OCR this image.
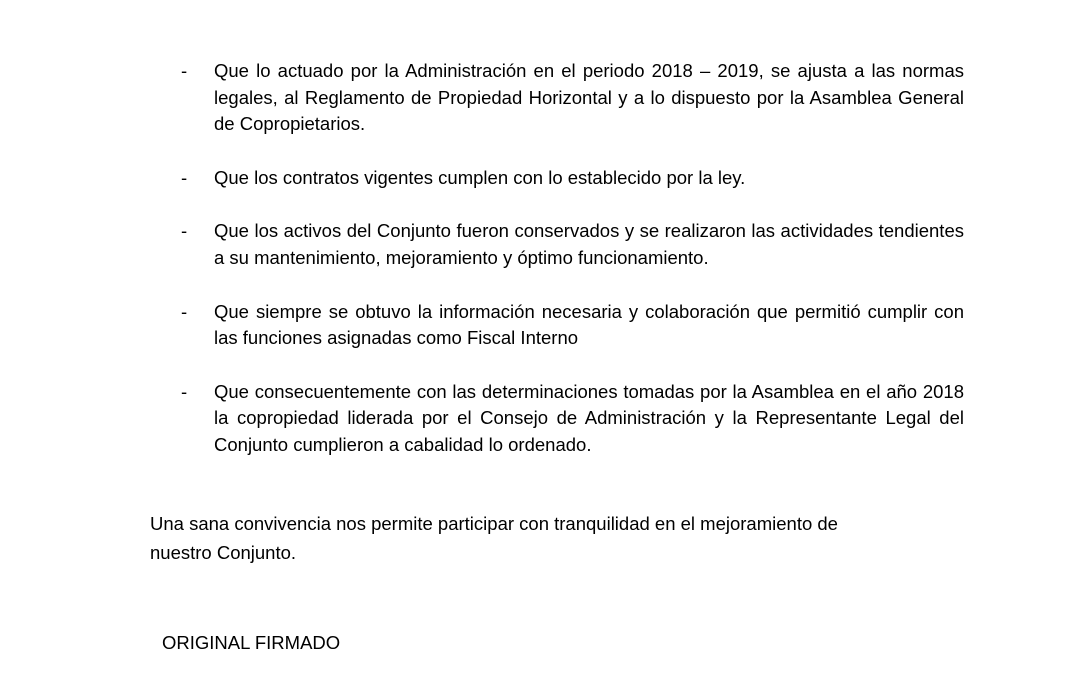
-	Que lo actuado por la Administración en el periodo 2018 – 2019, se ajusta a las normas legales, al Reglamento de Propiedad Horizontal y a lo dispuesto por la Asamblea General de Copropietarios.
-	Que los contratos vigentes cumplen con lo establecido por la ley.
-	Que los activos del Conjunto fueron conservados y se realizaron las actividades tendientes a su mantenimiento, mejoramiento y óptimo funcionamiento.
-	Que siempre se obtuvo la información necesaria y colaboración que permitió cumplir con las funciones asignadas como Fiscal Interno
-	Que consecuentemente con las determinaciones tomadas por la Asamblea en el año 2018 la copropiedad liderada por el Consejo de Administración y la Representante Legal del Conjunto cumplieron a cabalidad lo ordenado.

Una sana convivencia nos permite participar con tranquilidad en el mejoramiento de
nuestro Conjunto.

ORIGINAL FIRMADO
